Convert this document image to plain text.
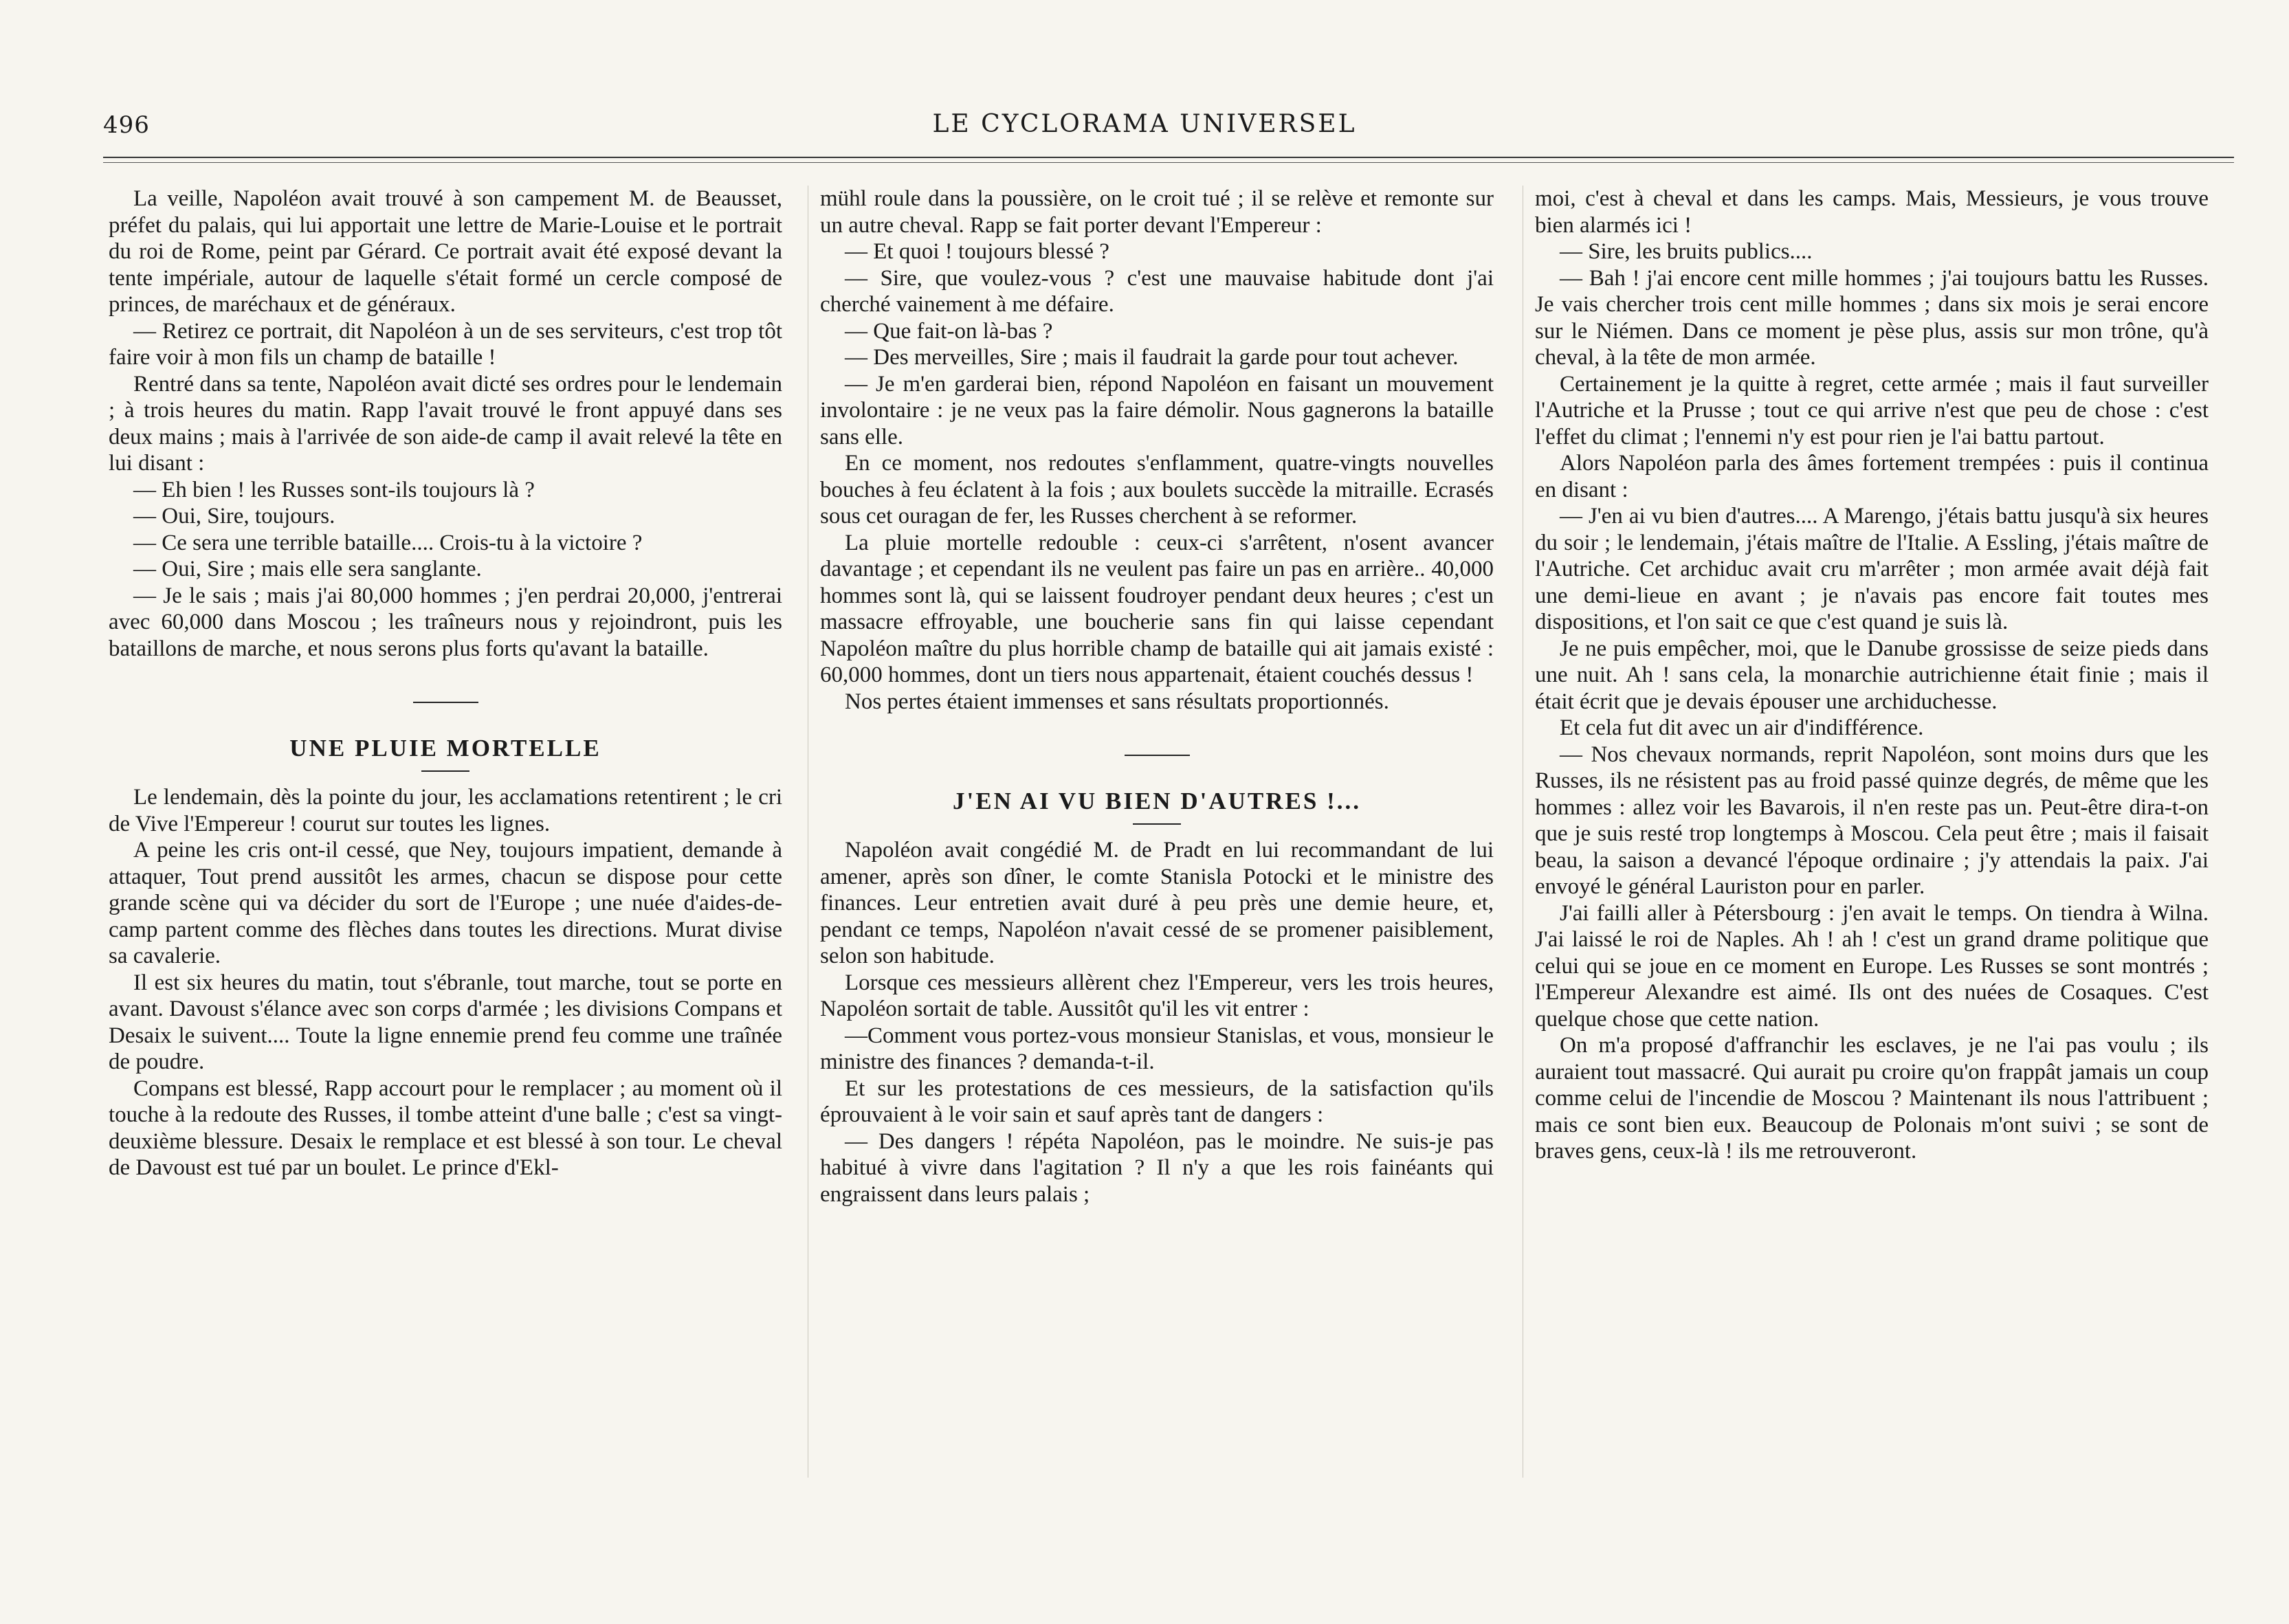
496	LE CYCLORAMA UNIVERSEL

La veille, Napoléon avait trouvé à son campement M. de Beausset, préfet du palais, qui lui apportait une lettre de Marie-Louise et le portrait du roi de Rome, peint par Gérard. Ce portrait avait été exposé devant la tente impériale, autour de laquelle s'était formé un cercle composé de princes, de maréchaux et de généraux.

— Retirez ce portrait, dit Napoléon à un de ses serviteurs, c'est trop tôt faire voir à mon fils un champ de bataille !

Rentré dans sa tente, Napoléon avait dicté ses ordres pour le lendemain ; à trois heures du matin. Rapp l'avait trouvé le front appuyé dans ses deux mains ; mais à l'arrivée de son aide-de camp il avait relevé la tête en lui disant :

— Eh bien ! les Russes sont-ils toujours là ?

— Oui, Sire, toujours.

— Ce sera une terrible bataille.... Crois-tu à la victoire ?

— Oui, Sire ; mais elle sera sanglante.

— Je le sais ; mais j'ai 80,000 hommes ; j'en perdrai 20,000, j'entrerai avec 60,000 dans Moscou ; les traîneurs nous y rejoindront, puis les bataillons de marche, et nous serons plus forts qu'avant la bataille.

UNE PLUIE MORTELLE

Le lendemain, dès la pointe du jour, les acclamations retentirent ; le cri de Vive l'Empereur ! courut sur toutes les lignes.

A peine les cris ont-il cessé, que Ney, toujours impatient, demande à attaquer, Tout prend aussitôt les armes, chacun se dispose pour cette grande scène qui va décider du sort de l'Europe ; une nuée d'aides-de-camp partent comme des flèches dans toutes les directions. Murat divise sa cavalerie.

Il est six heures du matin, tout s'ébranle, tout marche, tout se porte en avant. Davoust s'élance avec son corps d'armée ; les divisions Compans et Desaix le suivent.... Toute la ligne ennemie prend feu comme une traînée de poudre.

Compans est blessé, Rapp accourt pour le remplacer ; au moment où il touche à la redoute des Russes, il tombe atteint d'une balle ; c'est sa vingt-deuxième blessure. Desaix le remplace et est blessé à son tour. Le cheval de Davoust est tué par un boulet. Le prince d'Ekl-

mühl roule dans la poussière, on le croit tué ; il se relève et remonte sur un autre cheval. Rapp se fait porter devant l'Empereur :

— Et quoi ! toujours blessé ?

— Sire, que voulez-vous ? c'est une mauvaise habitude dont j'ai cherché vainement à me défaire.

— Que fait-on là-bas ?

— Des merveilles, Sire ; mais il faudrait la garde pour tout achever.

— Je m'en garderai bien, répond Napoléon en faisant un mouvement involontaire : je ne veux pas la faire démolir. Nous gagnerons la bataille sans elle.

En ce moment, nos redoutes s'enflamment, quatre-vingts nouvelles bouches à feu éclatent à la fois ; aux boulets succède la mitraille. Ecrasés sous cet ouragan de fer, les Russes cherchent à se reformer.

La pluie mortelle redouble : ceux-ci s'arrêtent, n'osent avancer davantage ; et cependant ils ne veulent pas faire un pas en arrière.. 40,000 hommes sont là, qui se laissent foudroyer pendant deux heures ; c'est un massacre effroyable, une boucherie sans fin qui laisse cependant Napoléon maître du plus horrible champ de bataille qui ait jamais existé : 60,000 hommes, dont un tiers nous appartenait, étaient couchés dessus !

Nos pertes étaient immenses et sans résultats proportionnés.

J'EN AI VU BIEN D'AUTRES !...

Napoléon avait congédié M. de Pradt en lui recommandant de lui amener, après son dîner, le comte Stanisla Potocki et le ministre des finances. Leur entretien avait duré à peu près une demie heure, et, pendant ce temps, Napoléon n'avait cessé de se promener paisiblement, selon son habitude.

Lorsque ces messieurs allèrent chez l'Empereur, vers les trois heures, Napoléon sortait de table. Aussitôt qu'il les vit entrer :

—Comment vous portez-vous monsieur Stanislas, et vous, monsieur le ministre des finances ? demanda-t-il.

Et sur les protestations de ces messieurs, de la satisfaction qu'ils éprouvaient à le voir sain et sauf après tant de dangers :

— Des dangers ! répéta Napoléon, pas le moindre. Ne suis-je pas habitué à vivre dans l'agitation ? Il n'y a que les rois fainéants qui engraissent dans leurs palais ;

moi, c'est à cheval et dans les camps. Mais, Messieurs, je vous trouve bien alarmés ici !

— Sire, les bruits publics....

— Bah ! j'ai encore cent mille hommes ; j'ai toujours battu les Russes. Je vais chercher trois cent mille hommes ; dans six mois je serai encore sur le Niémen. Dans ce moment je pèse plus, assis sur mon trône, qu'à cheval, à la tête de mon armée.

Certainement je la quitte à regret, cette armée ; mais il faut surveiller l'Autriche et la Prusse ; tout ce qui arrive n'est que peu de chose : c'est l'effet du climat ; l'ennemi n'y est pour rien je l'ai battu partout.

Alors Napoléon parla des âmes fortement trempées : puis il continua en disant :

— J'en ai vu bien d'autres.... A Marengo, j'étais battu jusqu'à six heures du soir ; le lendemain, j'étais maître de l'Italie. A Essling, j'étais maître de l'Autriche. Cet archiduc avait cru m'arrêter ; mon armée avait déjà fait une demi-lieue en avant ; je n'avais pas encore fait toutes mes dispositions, et l'on sait ce que c'est quand je suis là.

Je ne puis empêcher, moi, que le Danube grossisse de seize pieds dans une nuit. Ah ! sans cela, la monarchie autrichienne était finie ; mais il était écrit que je devais épouser une archiduchesse.

Et cela fut dit avec un air d'indifférence.

— Nos chevaux normands, reprit Napoléon, sont moins durs que les Russes, ils ne résistent pas au froid passé quinze degrés, de même que les hommes : allez voir les Bavarois, il n'en reste pas un. Peut-être dira-t-on que je suis resté trop longtemps à Moscou. Cela peut être ; mais il faisait beau, la saison a devancé l'époque ordinaire ; j'y attendais la paix. J'ai envoyé le général Lauriston pour en parler.

J'ai failli aller à Pétersbourg : j'en avait le temps. On tiendra à Wilna. J'ai laissé le roi de Naples. Ah ! ah ! c'est un grand drame politique que celui qui se joue en ce moment en Europe. Les Russes se sont montrés ; l'Empereur Alexandre est aimé. Ils ont des nuées de Cosaques. C'est quelque chose que cette nation.

On m'a proposé d'affranchir les esclaves, je ne l'ai pas voulu ; ils auraient tout massacré. Qui aurait pu croire qu'on frappât jamais un coup comme celui de l'incendie de Moscou ? Maintenant ils nous l'attribuent ; mais ce sont bien eux. Beaucoup de Polonais m'ont suivi ; se sont de braves gens, ceux-là ! ils me retrouveront.
